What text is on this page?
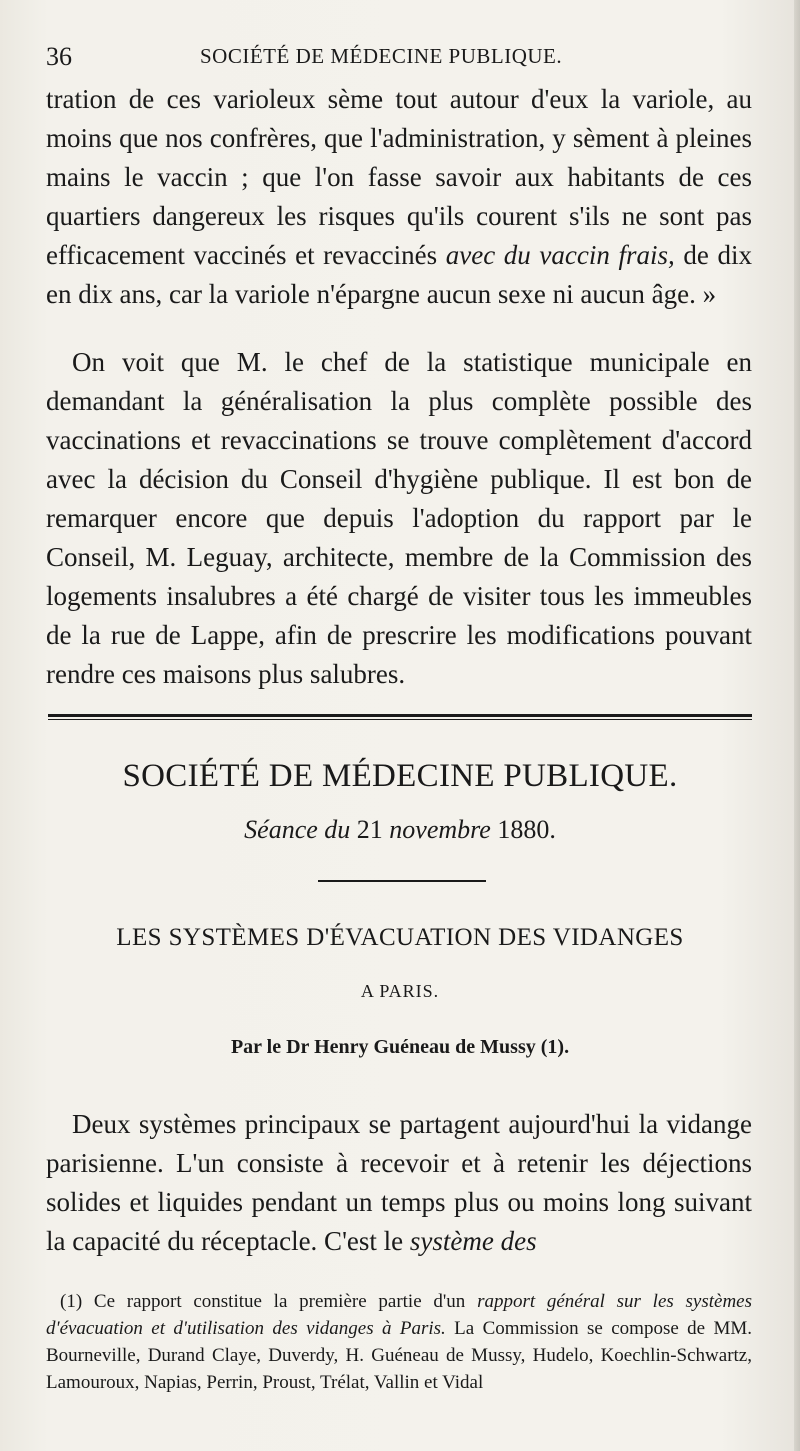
36	SOCIÉTÉ DE MÉDECINE PUBLIQUE.

tration de ces varioleux sème tout autour d'eux la variole, au moins que nos confrères, que l'administration, y sèment à pleines mains le vaccin ; que l'on fasse savoir aux habitants de ces quartiers dangereux les risques qu'ils courent s'ils ne sont pas efficacement vaccinés et revaccinés avec du vaccin frais, de dix en dix ans, car la variole n'épargne aucun sexe ni aucun âge. »

On voit que M. le chef de la statistique municipale en demandant la généralisation la plus complète possible des vaccinations et revaccinations se trouve complètement d'accord avec la décision du Conseil d'hygiène publique. Il est bon de remarquer encore que depuis l'adoption du rapport par le Conseil, M. Leguay, architecte, membre de la Commission des logements insalubres a été chargé de visiter tous les immeubles de la rue de Lappe, afin de prescrire les modifications pouvant rendre ces maisons plus salubres.

SOCIÉTÉ DE MÉDECINE PUBLIQUE.
Séance du 21 novembre 1880.
LES SYSTÈMES D'ÉVACUATION DES VIDANGES
A PARIS.
Par le Dr Henry Guéneau de Mussy (1).

Deux systèmes principaux se partagent aujourd'hui la vidange parisienne. L'un consiste à recevoir et à retenir les déjections solides et liquides pendant un temps plus ou moins long suivant la capacité du réceptacle. C'est le système des

(1) Ce rapport constitue la première partie d'un rapport général sur les systèmes d'évacuation et d'utilisation des vidanges à Paris. La Commission se compose de MM. Bourneville, Durand Claye, Duverdy, H. Guéneau de Mussy, Hudelo, Koechlin-Schwartz, Lamouroux, Napias, Perrin, Proust, Trélat, Vallin et Vidal
